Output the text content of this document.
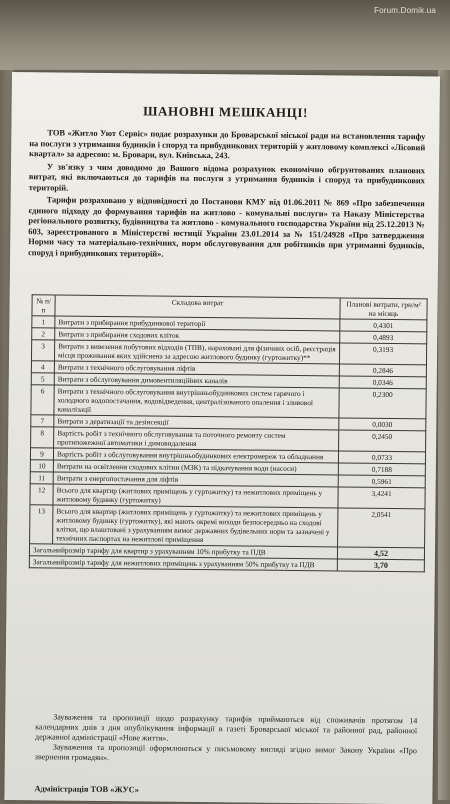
Forum.Domik.ua
ШАНОВНІ МЕШКАНЦІ!

ТОВ «Житло Уют Сервіс» подає розрахунки до Броварської міської ради на встановлення тарифу на послуги з утримання будинків і споруд та прибудинкових територій у житловому комплексі «Лісовий квартал» за адресою: м. Бровари, вул. Київська, 243.

У зв'язку з чим доводимо до Вашого відома розрахунок економічно обгрунтованих планових витрат, які включаються до тарифів на послуги з утримання будинків і споруд та прибудинкових територій.

Тарифи розраховано у відповідності до Постанови КМУ від 01.06.2011 № 869 «Про забезпечення єдиного підходу до формування тарифів на житлово - комунальні послуги» та Наказу Міністерства регіонального розвитку, будівництва та житлово - комунального господарства України від 25.12.2013 № 603, зареєстрованого в Міністерстві юстиції України 23.01.2014 за № 151/24928 «Про затвердження Норми часу та матеріально-технічних, норм обслуговування для робітників при утриманні будинків, споруд і прибудинкових територій».

№ п/п	Складова витрат	Планові витрати, грн/м² на місяць
1	Витрати з прибирання прибудинкової території	0,4301
2	Витрати з прибирання сходових кліток	0,4893
3	Витрати з вивезення побутових відходів (ТПВ), нараховані для фізичних осіб, реєстрація місця проживання яких здійснена за адресою житлового будинку (гуртожитку)**	0,3193
4	Витрати з технічного обслуговування ліфтів	0,2846
5	Витрати з обслуговування димовентиляційних каналів	0,0346
6	Витрати з технічного обслуговування внутрішньобудинкових систем гарячого і холодного водопостачання, водовідведення, централізованого опалення і зливової каналізації	0,2300
7	Витрати з дератизації та дезінсекції	0,0030
8	Вартість робіт з технічного обслуговування та поточного ремонту систем протипожежної автоматики і димовидалення	0,2450
9	Вартість робіт з обслуговування внутрішньобудинкових електромереж та обладнання	0,0733
10	Витрати на освітлення сходових клітин (МЗК) та підкачування води (насоси)	0,7188
11	Витрати з енергопостачання для ліфтів	0,5961
12	Всього для квартир (житлових приміщень у гуртожитку) та нежитлових приміщень у житловому будинку (гуртожитку)	3,4241
13	Всього для квартир (житлових приміщень у гуртожитку) та нежитлових приміщень у житловому будинку (гуртожитку), які мають окремі виходи безпосередньо на сходові клітки, що влаштовані з урахуванням вимог державних будівельних норм та зазначені у технічних паспортах на нежитлові приміщення	2,0541
Загальнийрозмір тарифу для квартир з урахуванням 10% прибутку та ПДВ		4,52
Загальнийрозмір тарифу для нежитлових приміщень з урахуванням 50% прибутку та ПДВ		3,70

Зауваження та пропозиції щодо розрахунку тарифів приймаються від споживачів протягом 14 календарних днів з дня опублікування інформації в газеті Броварської міської та районної рад, районної державної адміністрації «Нове життя».

Зауваження та пропозиції оформлюються у письмовому вигляді згідно вимог Закону України «Про звернення громадян».

Адміністрація ТОВ «ЖУС»
